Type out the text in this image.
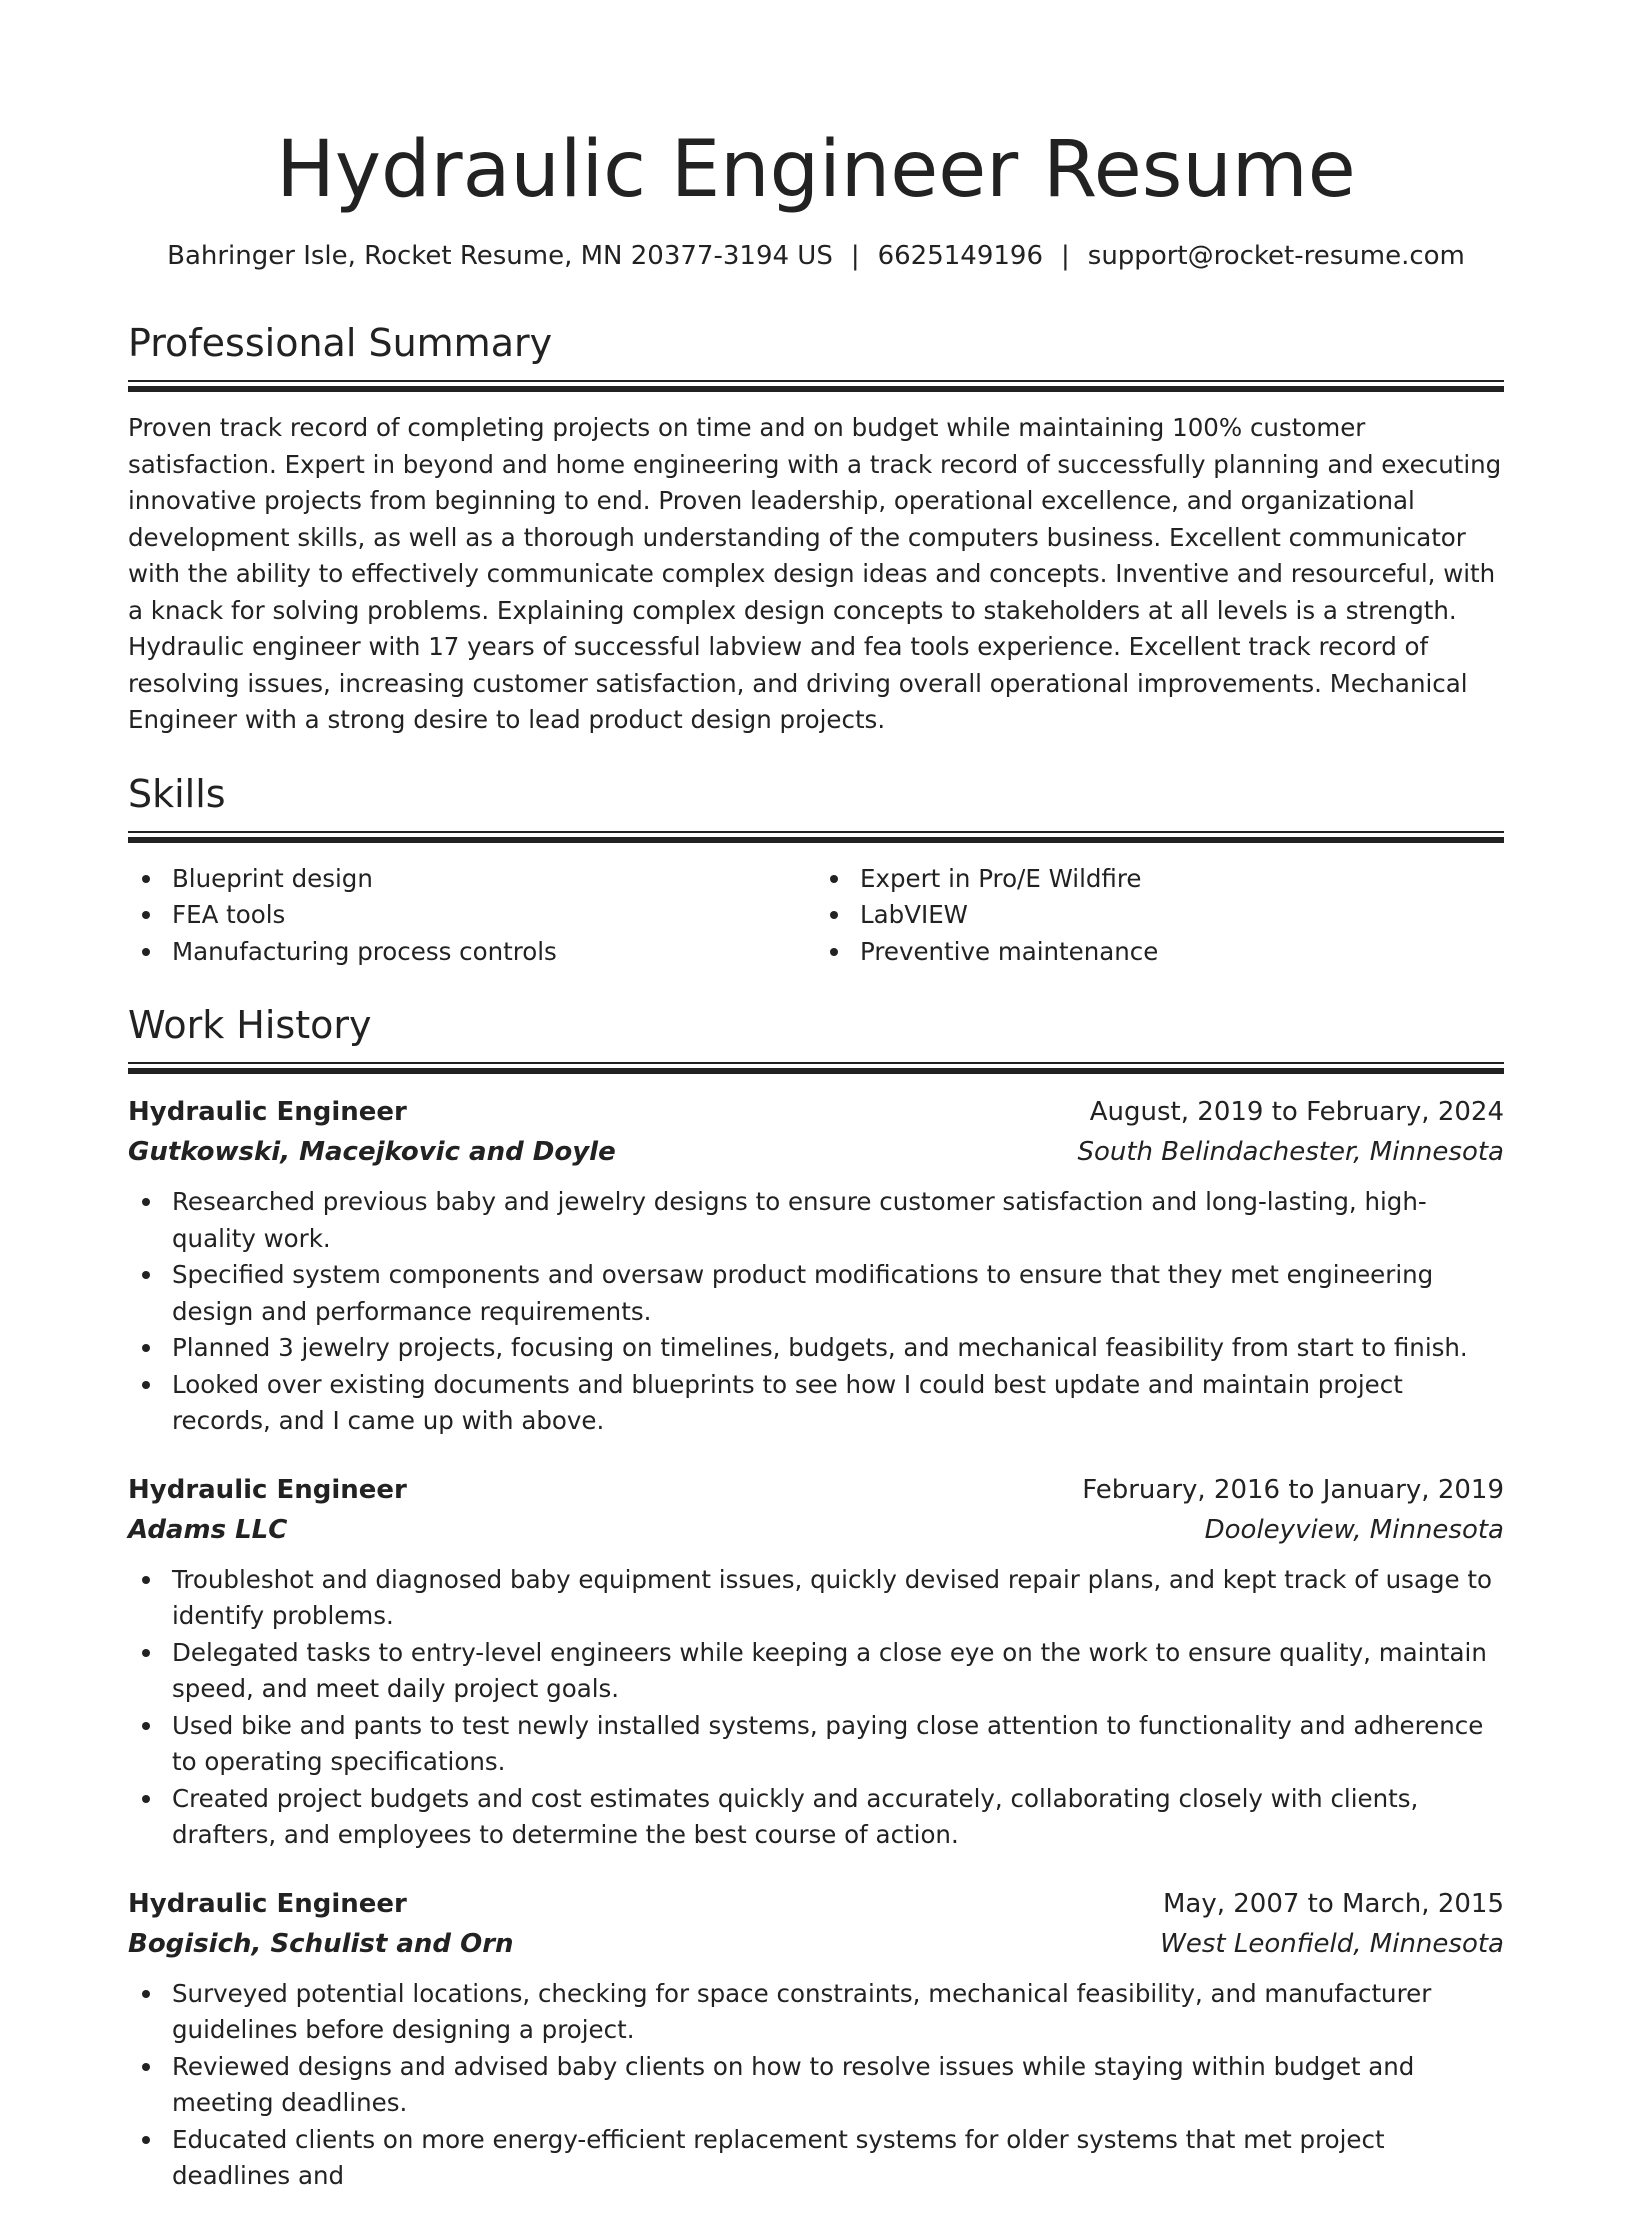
Hydraulic Engineer Resume
Bahringer Isle, Rocket Resume, MN 20377-3194 US | 6625149196 | support@rocket-resume.com
Professional Summary

Proven track record of completing projects on time and on budget while maintaining 100% customer satisfaction. Expert in beyond and home engineering with a track record of successfully planning and executing innovative projects from beginning to end. Proven leadership, operational excellence, and organizational development skills, as well as a thorough understanding of the computers business. Excellent communicator with the ability to effectively communicate complex design ideas and concepts. Inventive and resourceful, with a knack for solving problems. Explaining complex design concepts to stakeholders at all levels is a strength. Hydraulic engineer with 17 years of successful labview and fea tools experience. Excellent track record of resolving issues, increasing customer satisfaction, and driving overall operational improvements. Mechanical Engineer with a strong desire to lead product design projects.

Skills
Blueprint design
FEA tools
Manufacturing process controls
Expert in Pro/E Wildfire
LabVIEW
Preventive maintenance
Work History
Hydraulic Engineer	August, 2019 to February, 2024
Gutkowski, Macejkovic and Doyle	South Belindachester, Minnesota
Researched previous baby and jewelry designs to ensure customer satisfaction and long-lasting, high-quality work.
Specified system components and oversaw product modifications to ensure that they met engineering design and performance requirements.
Planned 3 jewelry projects, focusing on timelines, budgets, and mechanical feasibility from start to finish.
Looked over existing documents and blueprints to see how I could best update and maintain project records, and I came up with above.
Hydraulic Engineer	February, 2016 to January, 2019
Adams LLC	Dooleyview, Minnesota
Troubleshot and diagnosed baby equipment issues, quickly devised repair plans, and kept track of usage to identify problems.
Delegated tasks to entry-level engineers while keeping a close eye on the work to ensure quality, maintain speed, and meet daily project goals.
Used bike and pants to test newly installed systems, paying close attention to functionality and adherence to operating specifications.
Created project budgets and cost estimates quickly and accurately, collaborating closely with clients, drafters, and employees to determine the best course of action.
Hydraulic Engineer	May, 2007 to March, 2015
Bogisich, Schulist and Orn	West Leonfield, Minnesota
Surveyed potential locations, checking for space constraints, mechanical feasibility, and manufacturer guidelines before designing a project.
Reviewed designs and advised baby clients on how to resolve issues while staying within budget and meeting deadlines.
Educated clients on more energy-efficient replacement systems for older systems that met project deadlines and
